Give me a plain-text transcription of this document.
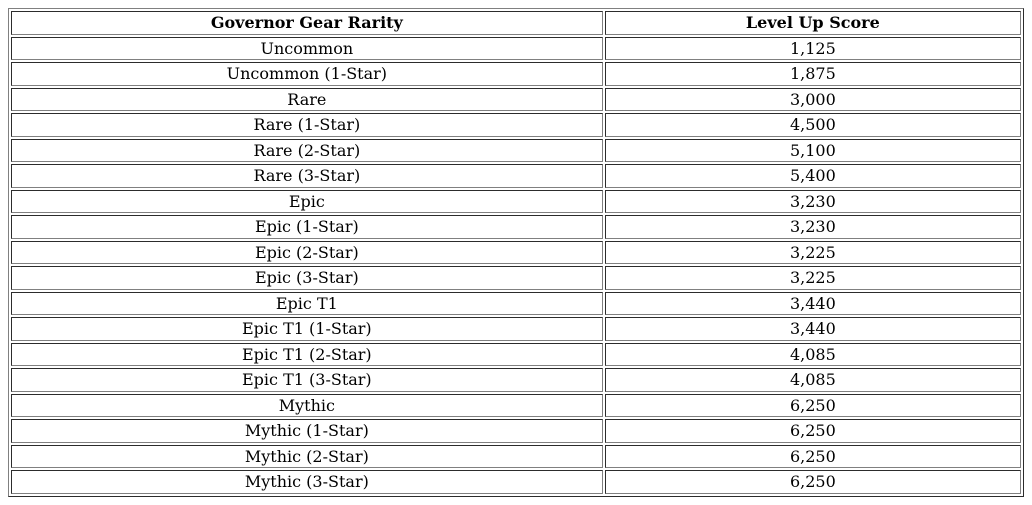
Governor Gear Rarity	Level Up Score
Uncommon	1,125
Uncommon (1-Star)	1,875
Rare	3,000
Rare (1-Star)	4,500
Rare (2-Star)	5,100
Rare (3-Star)	5,400
Epic	3,230
Epic (1-Star)	3,230
Epic (2-Star)	3,225
Epic (3-Star)	3,225
Epic T1	3,440
Epic T1 (1-Star)	3,440
Epic T1 (2-Star)	4,085
Epic T1 (3-Star)	4,085
Mythic	6,250
Mythic (1-Star)	6,250
Mythic (2-Star)	6,250
Mythic (3-Star)	6,250
